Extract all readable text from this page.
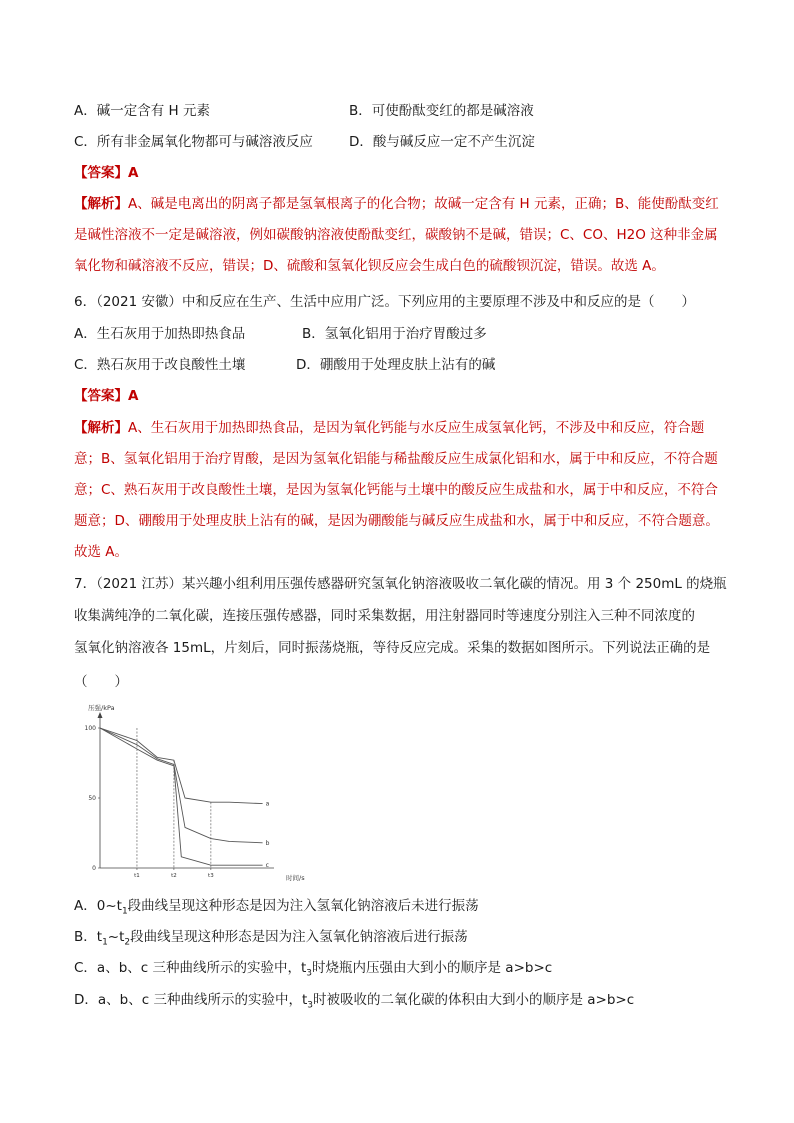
A．碱一定含有 H 元素	B．可使酚酞变红的都是碱溶液
C．所有非金属氧化物都可与碱溶液反应	D．酸与碱反应一定不产生沉淀
【答案】A
【解析】A、碱是电离出的阴离子都是氢氧根离子的化合物；故碱一定含有 H 元素，正确；B、能使酚酞变红是碱性溶液不一定是碱溶液，例如碳酸钠溶液使酚酞变红，碳酸钠不是碱，错误；C、CO、H2O 这种非金属氧化物和碱溶液不反应，错误；D、硫酸和氢氧化钡反应会生成白色的硫酸钡沉淀，错误。故选 A。
6．（2021 安徽）中和反应在生产、生活中应用广泛。下列应用的主要原理不涉及中和反应的是（　　）
A．生石灰用于加热即热食品	B．氢氧化铝用于治疗胃酸过多
C．熟石灰用于改良酸性土壤	D．硼酸用于处理皮肤上沾有的碱
【答案】A
【解析】A、生石灰用于加热即热食品，是因为氧化钙能与水反应生成氢氧化钙，不涉及中和反应，符合题意；B、氢氧化铝用于治疗胃酸，是因为氢氧化铝能与稀盐酸反应生成氯化铝和水，属于中和反应，不符合题意；C、熟石灰用于改良酸性土壤，是因为氢氧化钙能与土壤中的酸反应生成盐和水，属于中和反应，不符合题意；D、硼酸用于处理皮肤上沾有的碱，是因为硼酸能与碱反应生成盐和水，属于中和反应，不符合题意。故选 A。
7．（2021 江苏）某兴趣小组利用压强传感器研究氢氧化钠溶液吸收二氧化碳的情况。用 3 个 250mL 的烧瓶
收集满纯净的二氧化碳，连接压强传感器，同时采集数据，用注射器同时等速度分别注入三种不同浓度的
氢氧化钠溶液各 15mL，片刻后，同时振荡烧瓶，等待反应完成。采集的数据如图所示。下列说法正确的是
（　　）
0
50
100
t1	t2	t3
a
b
c
压强/kPa
时间/s
A．$0\sim t_1$段曲线呈现这种形态是因为注入氢氧化钠溶液后未进行振荡
B．$t_1\sim t_2$段曲线呈现这种形态是因为注入氢氧化钠溶液后进行振荡
C．a、b、c 三种曲线所示的实验中，$t_3$时烧瓶内压强由大到小的顺序是 a>b>c
D．a、b、c 三种曲线所示的实验中，$t_3$时被吸收的二氧化碳的体积由大到小的顺序是 a>b>c
